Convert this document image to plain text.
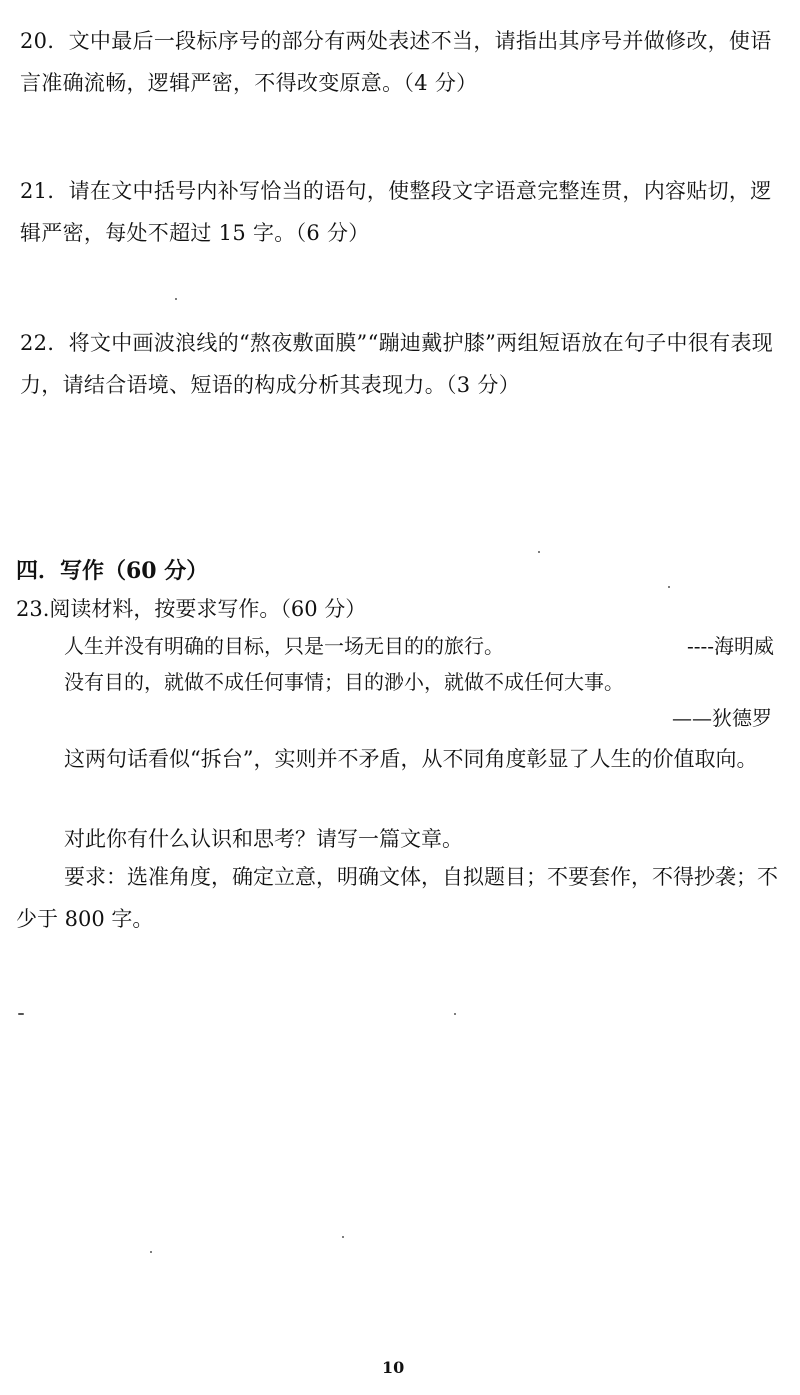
20．文中最后一段标序号的部分有两处表述不当，请指出其序号并做修改，使语

言准确流畅，逻辑严密，不得改变原意。（4 分）

21．请在文中括号内补写恰当的语句，使整段文字语意完整连贯，内容贴切，逻

辑严密，每处不超过 15 字。（6 分）

22．将文中画波浪线的“熬夜敷面膜”“蹦迪戴护膝”两组短语放在句子中很有表现

力，请结合语境、短语的构成分析其表现力。（3 分）

四．写作（60 分）
23.阅读材料，按要求写作。（60 分）
人生并没有明确的目标，只是一场无目的的旅行。	----海明威
没有目的，就做不成任何事情；目的渺小，就做不成任何大事。
——狄德罗
这两句话看似“拆台”，实则并不矛盾，从不同角度彰显了人生的价值取向。
对此你有什么认识和思考？请写一篇文章。
要求：选准角度，确定立意，明确文体，自拟题目；不要套作，不得抄袭；不少于 800 字。
10
